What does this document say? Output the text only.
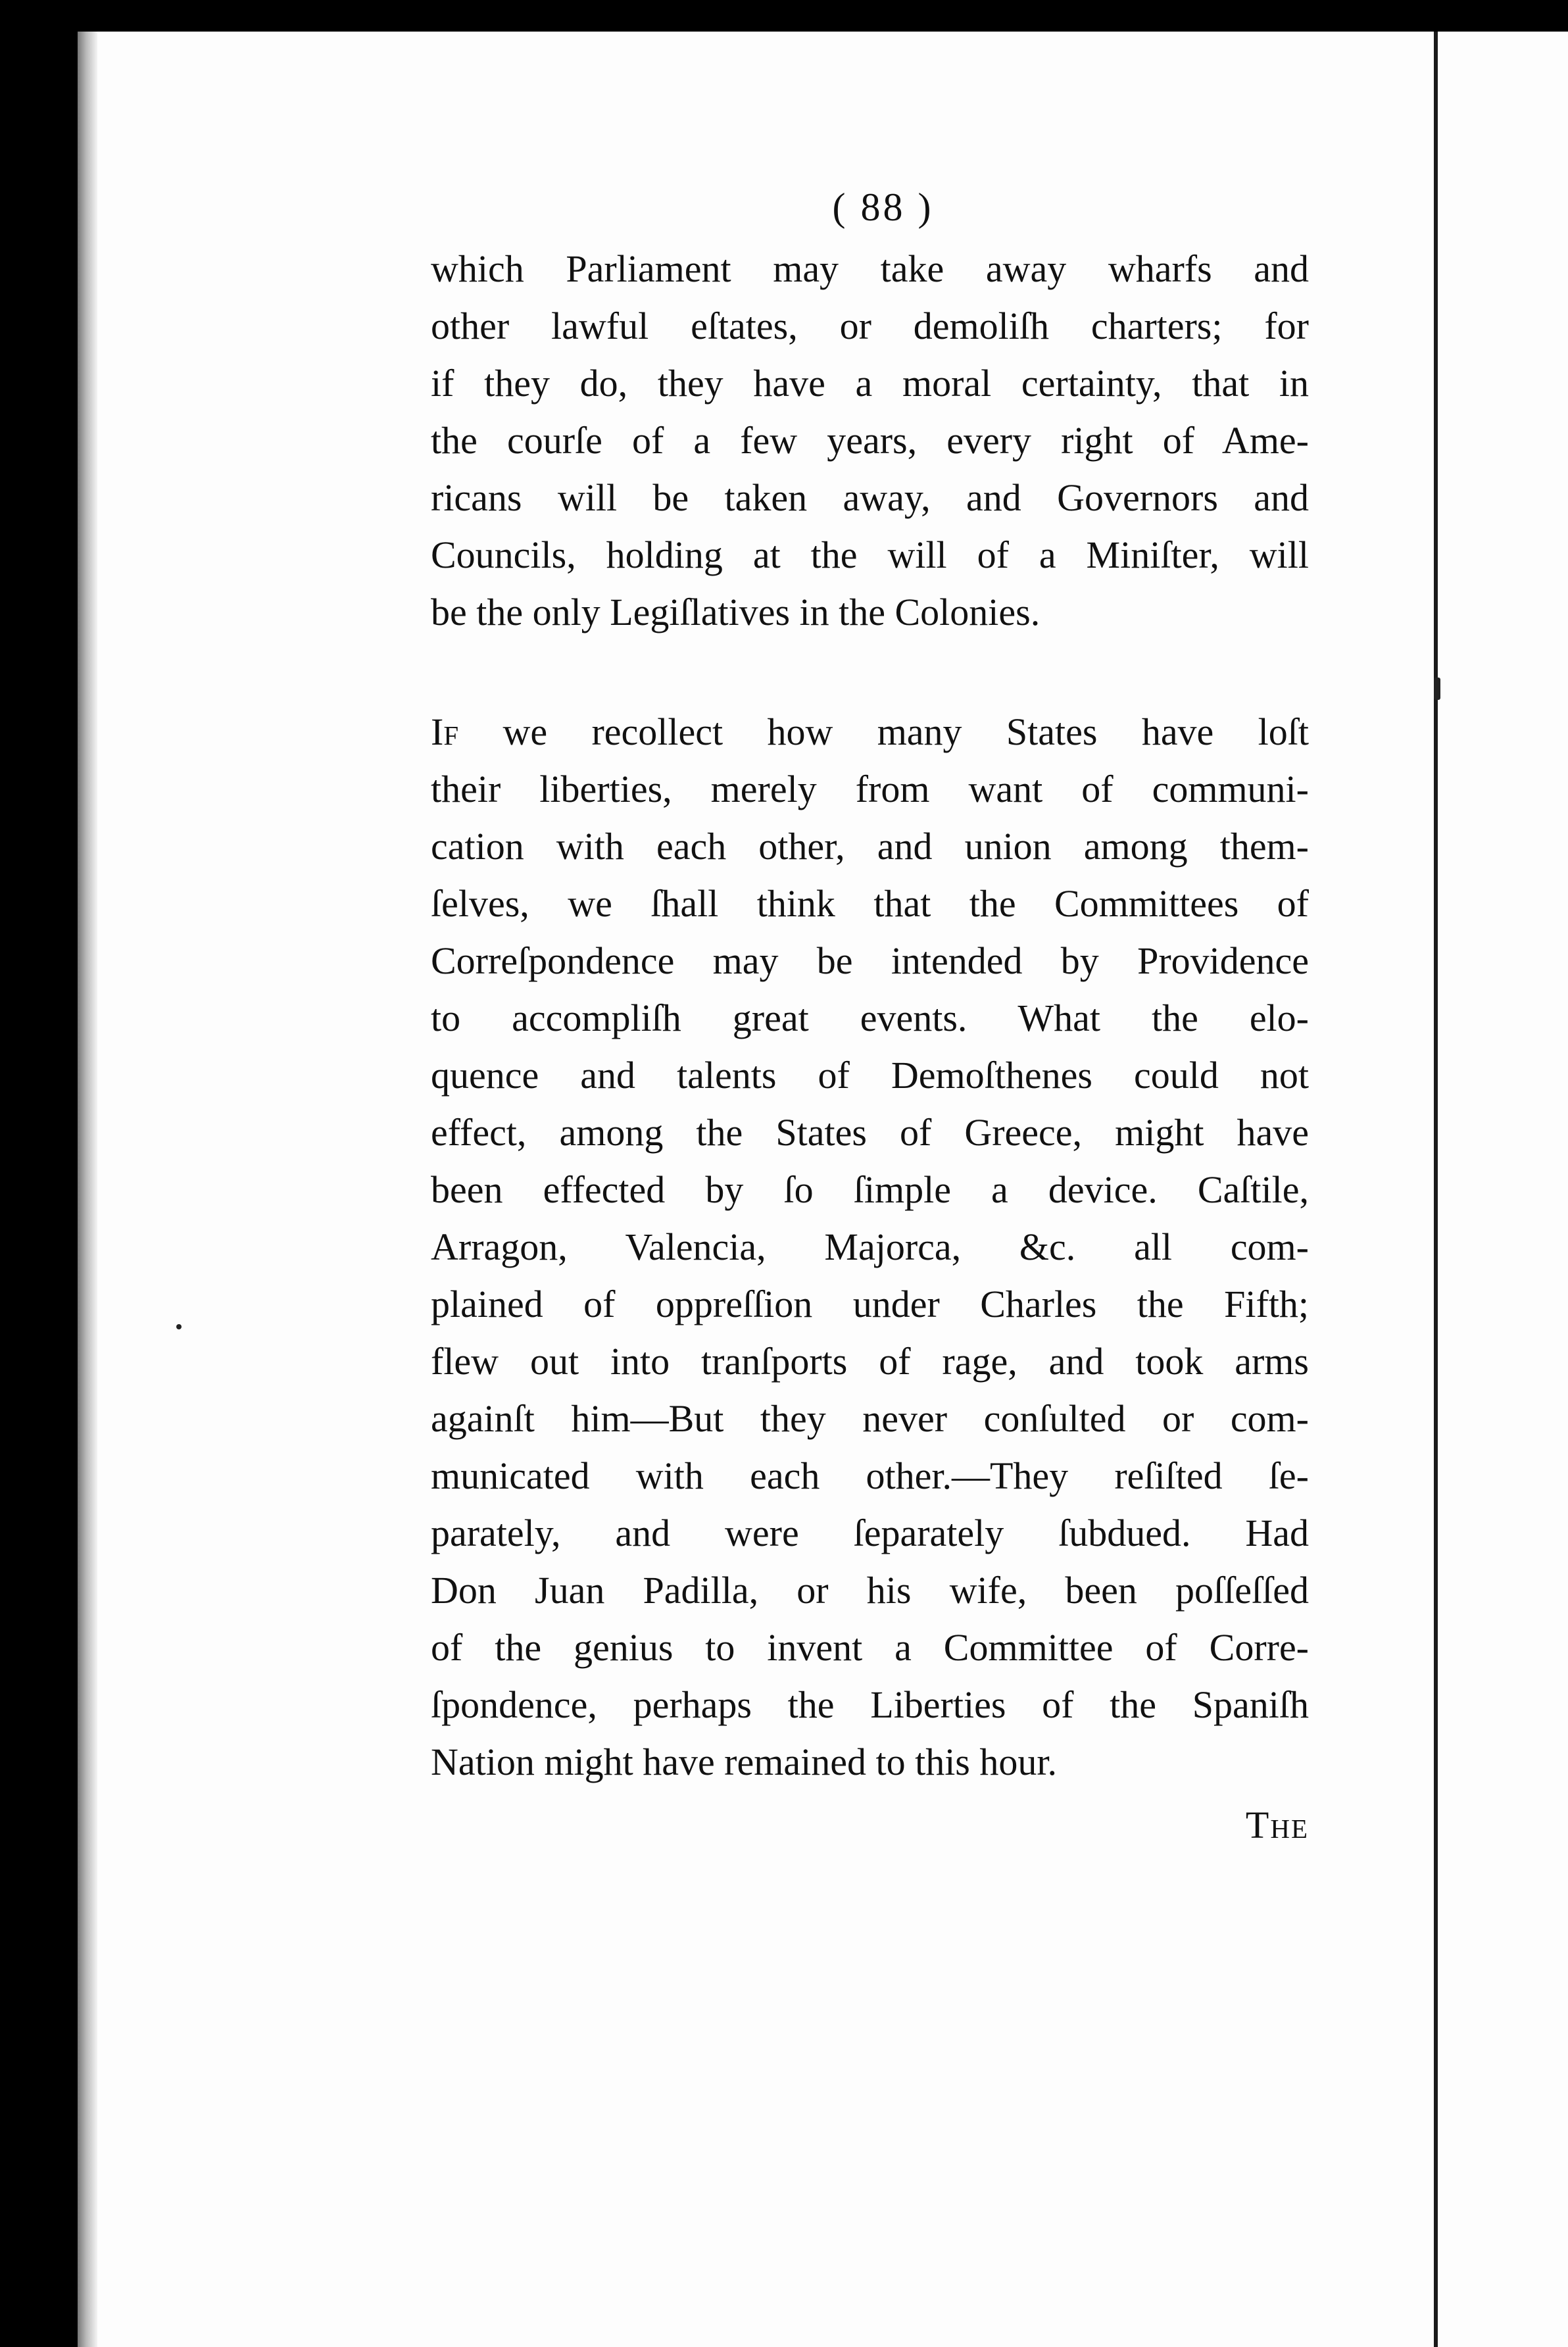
( 88 )
which Parliament may take away wharfs and
other lawful eſtates, or demoliſh charters; for
if they do, they have a moral certainty, that in
the courſe of a few years, every right of Ame-
ricans will be taken away, and Governors and
Councils, holding at the will of a Miniſter, will
be the only Legiſlatives in the Colonies.
If we recollect how many States have loſt
their liberties, merely from want of communi-
cation with each other, and union among them-
ſelves, we ſhall think that the Committees of
Correſpondence may be intended by Providence
to accompliſh great events. What the elo-
quence and talents of Demoſthenes could not
effect, among the States of Greece, might have
been effected by ſo ſimple a device. Caſtile,
Arragon, Valencia, Majorca, &c. all com-
plained of oppreſſion under Charles the Fifth;
flew out into tranſports of rage, and took arms
againſt him—But they never conſulted or com-
municated with each other.—They reſiſted ſe-
parately, and were ſeparately ſubdued. Had
Don Juan Padilla, or his wife, been poſſeſſed
of the genius to invent a Committee of Corre-
ſpondence, perhaps the Liberties of the Spaniſh
Nation might have remained to this hour.
The
